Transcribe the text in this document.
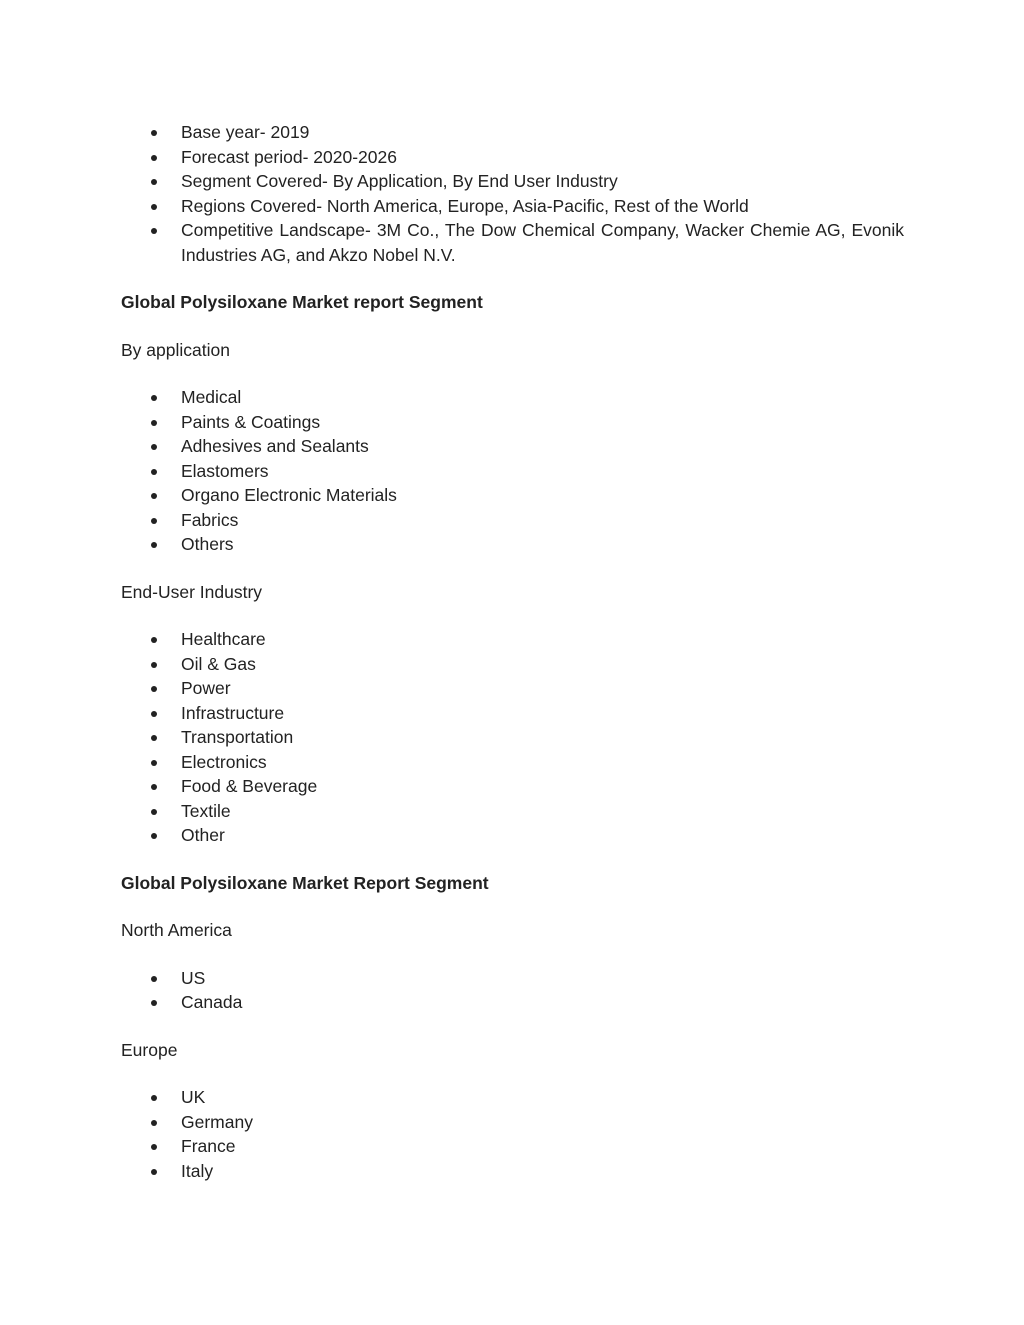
Base year- 2019
Forecast period- 2020-2026
Segment Covered- By Application, By End User Industry
Regions Covered- North America, Europe, Asia-Pacific, Rest of the World
Competitive Landscape- 3M Co., The Dow Chemical Company, Wacker Chemie AG, Evonik Industries AG, and Akzo Nobel N.V.

Global Polysiloxane Market report Segment

By application

Medical
Paints & Coatings
Adhesives and Sealants
Elastomers
Organo Electronic Materials
Fabrics
Others

End-User Industry

Healthcare
Oil & Gas
Power
Infrastructure
Transportation
Electronics
Food & Beverage
Textile
Other

Global Polysiloxane Market Report Segment

North America

US
Canada

Europe

UK
Germany
France
Italy
